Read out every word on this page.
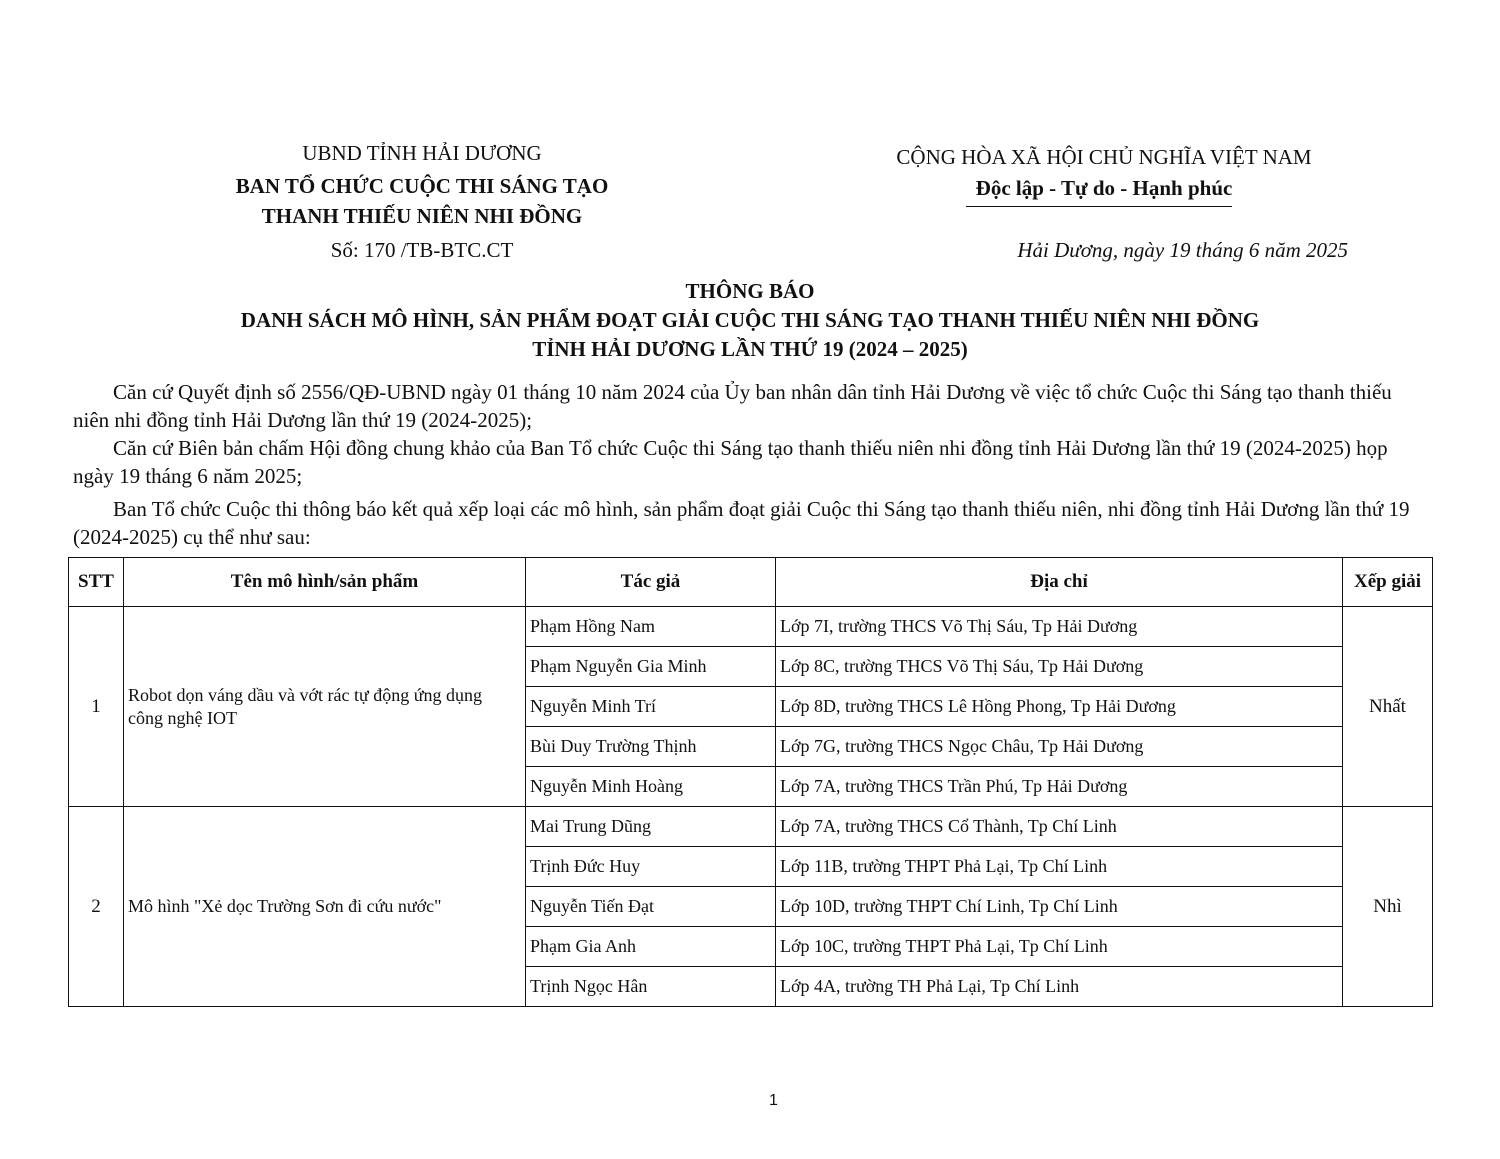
UBND TỈNH HẢI DƯƠNG
BAN TỔ CHỨC CUỘC THI SÁNG TẠO
THANH THIẾU NIÊN NHI ĐỒNG
Số: 170 /TB-BTC.CT
CỘNG HÒA XÃ HỘI CHỦ NGHĨA VIỆT NAM
Độc lập - Tự do - Hạnh phúc
Hải Dương, ngày 19 tháng 6 năm 2025
THÔNG BÁO
DANH SÁCH MÔ HÌNH, SẢN PHẨM ĐOẠT GIẢI CUỘC THI SÁNG TẠO THANH THIẾU NIÊN NHI ĐỒNG
TỈNH HẢI DƯƠNG LẦN THỨ 19 (2024 – 2025)
Căn cứ Quyết định số 2556/QĐ-UBND ngày 01 tháng 10 năm 2024 của Ủy ban nhân dân tỉnh Hải Dương về việc tổ chức Cuộc thi Sáng tạo thanh thiếu niên nhi đồng tỉnh Hải Dương lần thứ 19 (2024-2025);
Căn cứ Biên bản chấm Hội đồng chung khảo của Ban Tổ chức Cuộc thi Sáng tạo thanh thiếu niên nhi đồng tỉnh Hải Dương lần thứ 19 (2024-2025) họp ngày 19 tháng 6 năm 2025;
Ban Tổ chức Cuộc thi thông báo kết quả xếp loại các mô hình, sản phẩm đoạt giải Cuộc thi Sáng tạo thanh thiếu niên, nhi đồng tỉnh Hải Dương lần thứ 19 (2024-2025) cụ thể như sau:
STT	Tên mô hình/sản phẩm	Tác giả	Địa chỉ	Xếp giải
1	Robot dọn váng dầu và vớt rác tự động ứng dụng công nghệ IOT	Phạm Hồng Nam	Lớp 7I, trường THCS Võ Thị Sáu, Tp Hải Dương	Nhất
		Phạm Nguyễn Gia Minh	Lớp 8C, trường THCS Võ Thị Sáu, Tp Hải Dương	
		Nguyễn Minh Trí	Lớp 8D, trường THCS Lê Hồng Phong, Tp Hải Dương	
		Bùi Duy Trường Thịnh	Lớp 7G, trường THCS Ngọc Châu, Tp Hải Dương	
		Nguyễn Minh Hoàng	Lớp 7A, trường THCS Trần Phú, Tp Hải Dương	
2	Mô hình "Xẻ dọc Trường Sơn đi cứu nước"	Mai Trung Dũng	Lớp 7A, trường THCS Cổ Thành, Tp Chí Linh	Nhì
		Trịnh Đức Huy	Lớp 11B, trường THPT Phả Lại, Tp Chí Linh	
		Nguyễn Tiến Đạt	Lớp 10D, trường THPT Chí Linh, Tp Chí Linh	
		Phạm Gia Anh	Lớp 10C, trường THPT Phả Lại, Tp Chí Linh	
		Trịnh Ngọc Hân	Lớp 4A, trường TH Phả Lại, Tp Chí Linh	
1
